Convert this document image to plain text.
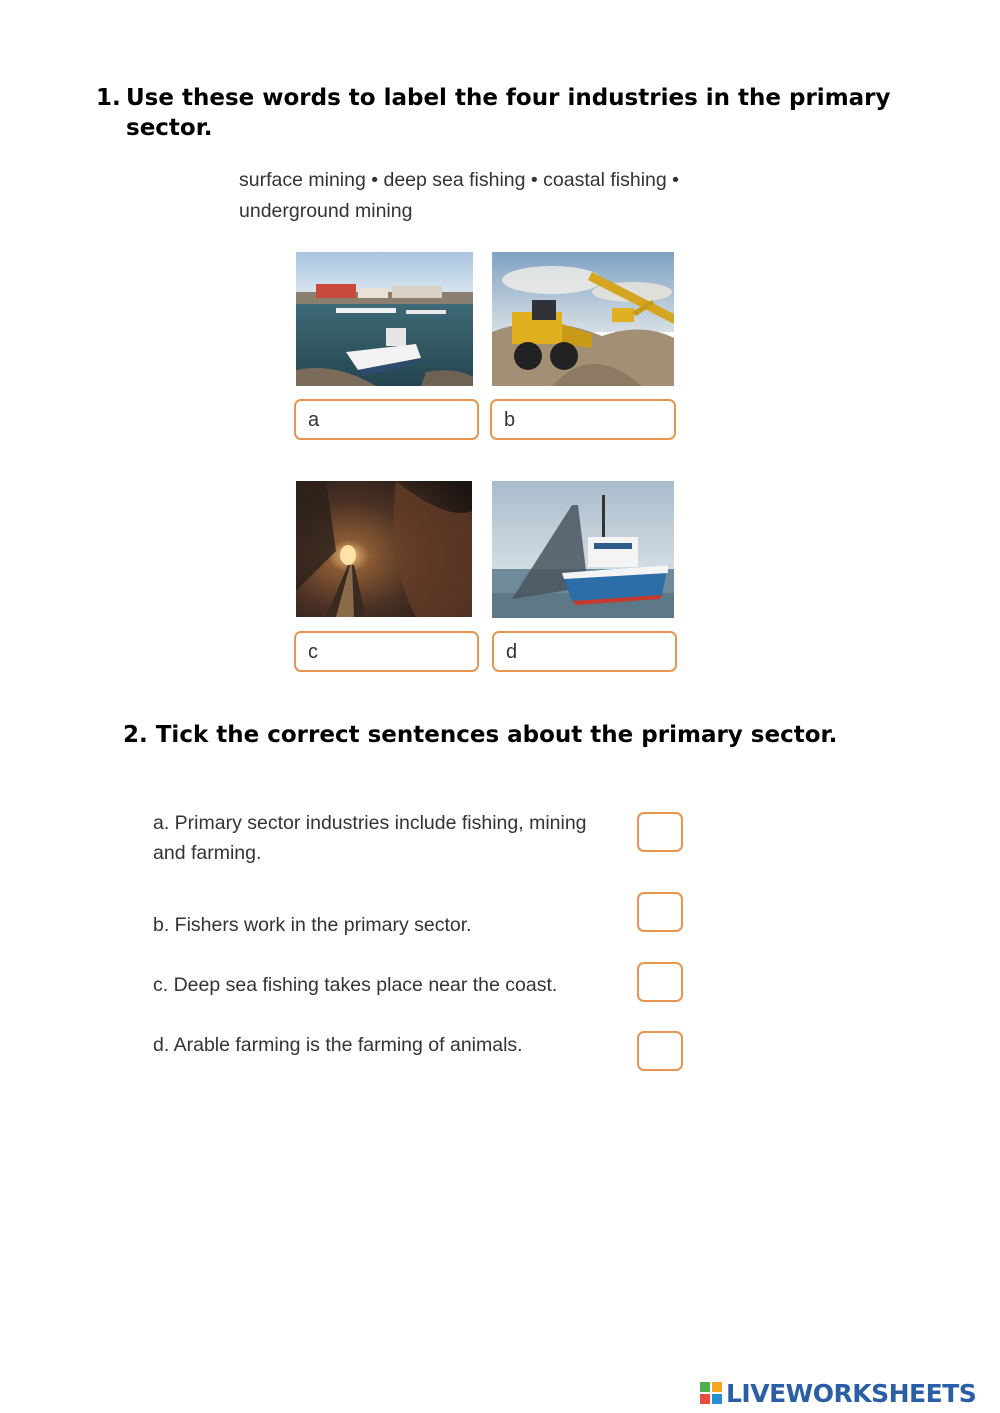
1. Use these words to label the four industries in the primary
sector.
surface mining • deep sea fishing • coastal fishing •
underground mining
a	b
c	d
2. Tick the correct sentences about the primary sector.
a. Primary sector industries include fishing, mining
and farming.
b. Fishers work in the primary sector.
c. Deep sea fishing takes place near the coast.
d. Arable farming is the farming of animals.
LIVEWORKSHEETS
